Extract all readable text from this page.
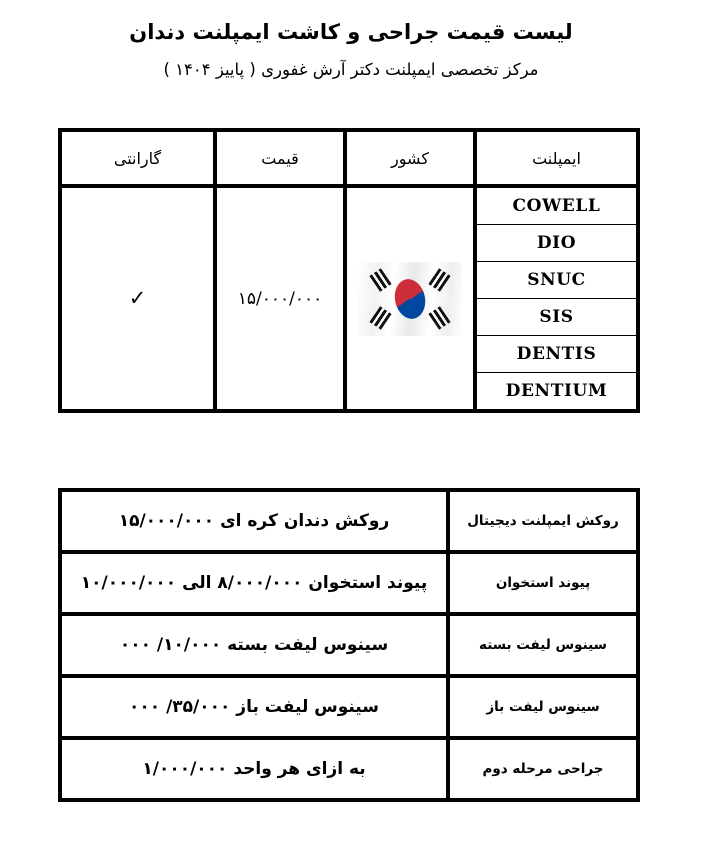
لیست قیمت جراحی و کاشت ایمپلنت دندان
مرکز تخصصی ایمپلنت دکتر آرش غفوری ( پاییز ۱۴۰۴ )
ایمپلنت	کشور	قیمت	گارانتی
COWELL		۱۵/۰۰۰/۰۰۰	✓
DIO			
SNUC			
SIS			
DENTIS			
DENTIUM			
روکش ایمپلنت دیجیتال	روکش دندان کره ای ۱۵/۰۰۰/۰۰۰
پیوند استخوان	پیوند استخوان ۸/۰۰۰/۰۰۰ الی ۱۰/۰۰۰/۰۰۰
سینوس لیفت بسته	سینوس لیفت بسته ۱۰/۰۰۰/ ۰۰۰
سینوس لیفت باز	سینوس لیفت باز ۳۵/۰۰۰/ ۰۰۰
جراحی مرحله دوم	به ازای هر واحد ۱/۰۰۰/۰۰۰
